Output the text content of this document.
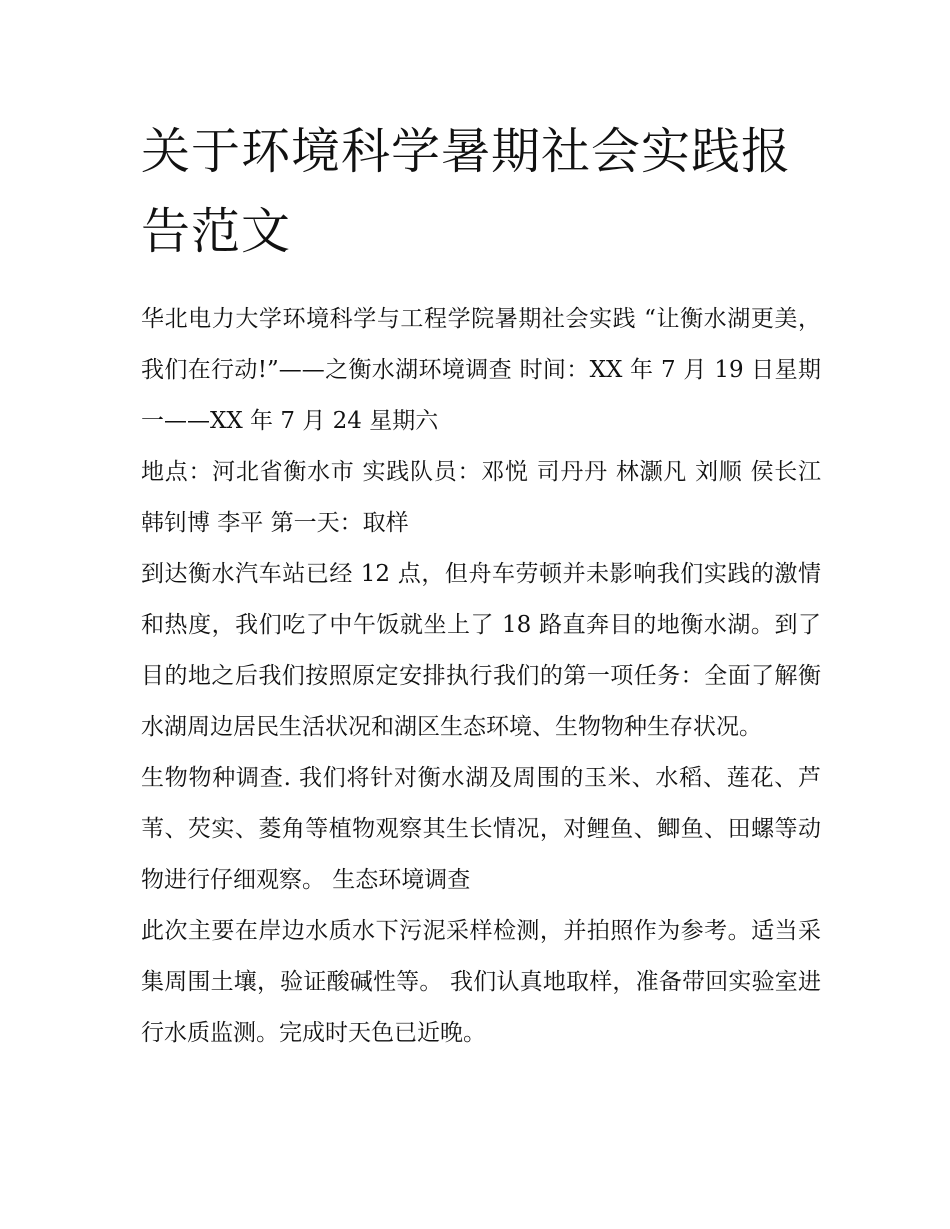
关于环境科学暑期社会实践报告范文

华北电力大学环境科学与工程学院暑期社会实践 “让衡水湖更美，我们在行动!”——之衡水湖环境调查 时间：XX 年 7 月 19 日星期一——XX 年 7 月 24 星期六

地点：河北省衡水市 实践队员：邓悦 司丹丹 林灏凡 刘顺 侯长江 韩钊博 李平 第一天：取样

到达衡水汽车站已经 12 点，但舟车劳顿并未影响我们实践的激情和热度，我们吃了中午饭就坐上了 18 路直奔目的地衡水湖。到了目的地之后我们按照原定安排执行我们的第一项任务：全面了解衡水湖周边居民生活状况和湖区生态环境、生物物种生存状况。

生物物种调查. 我们将针对衡水湖及周围的玉米、水稻、莲花、芦苇、芡实、菱角等植物观察其生长情况，对鲤鱼、鲫鱼、田螺等动物进行仔细观察。 生态环境调查

此次主要在岸边水质水下污泥采样检测，并拍照作为参考。适当采集周围土壤，验证酸碱性等。 我们认真地取样，准备带回实验室进行水质监测。完成时天色已近晚。
